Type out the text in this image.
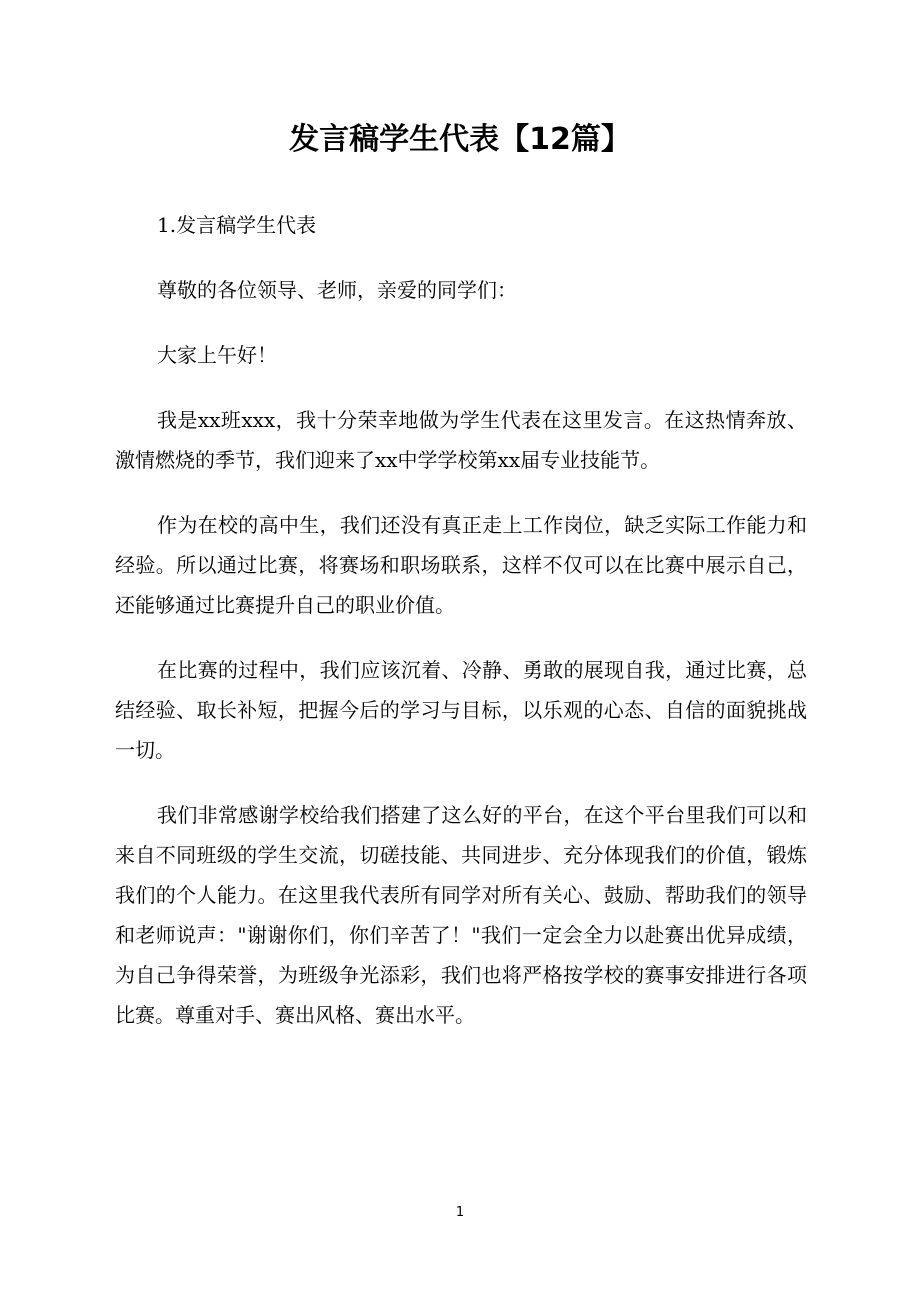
发言稿学生代表【12篇】

1.发言稿学生代表

尊敬的各位领导、老师，亲爱的同学们：

大家上午好！

我是xx班xxx，我十分荣幸地做为学生代表在这里发言。在这热情奔放、激情燃烧的季节，我们迎来了xx中学学校第xx届专业技能节。

作为在校的高中生，我们还没有真正走上工作岗位，缺乏实际工作能力和经验。所以通过比赛，将赛场和职场联系，这样不仅可以在比赛中展示自己，还能够通过比赛提升自己的职业价值。

在比赛的过程中，我们应该沉着、冷静、勇敢的展现自我，通过比赛，总结经验、取长补短，把握今后的学习与目标，以乐观的心态、自信的面貌挑战一切。

我们非常感谢学校给我们搭建了这么好的平台，在这个平台里我们可以和来自不同班级的学生交流，切磋技能、共同进步、充分体现我们的价值，锻炼我们的个人能力。在这里我代表所有同学对所有关心、鼓励、帮助我们的领导和老师说声："谢谢你们，你们辛苦了！"我们一定会全力以赴赛出优异成绩，为自己争得荣誉，为班级争光添彩，我们也将严格按学校的赛事安排进行各项比赛。尊重对手、赛出风格、赛出水平。

1
